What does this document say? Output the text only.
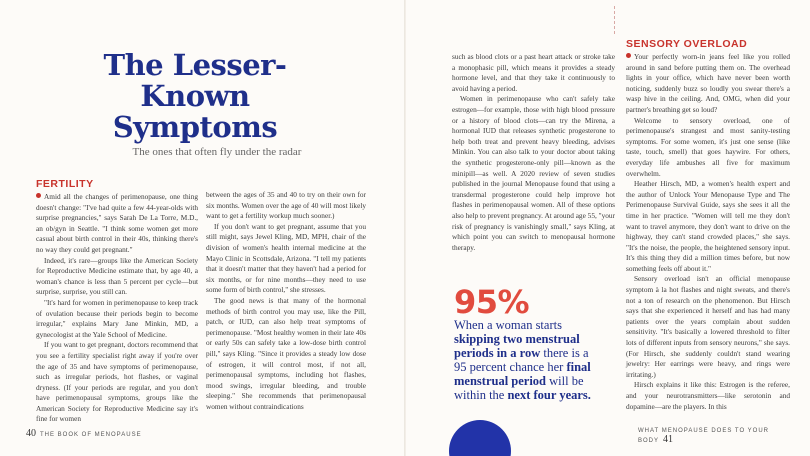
The Lesser-
Known Symptoms
The ones that often fly under the radar
FERTILITY

Amid all the changes of perimenopause, one thing doesn't change: "I've had quite a few 44-year-olds with surprise pregnancies," says Sarah De La Torre, M.D., an ob/gyn in Seattle. "I think some women get more casual about birth control in their 40s, thinking there's no way they could get pregnant."

Indeed, it's rare—groups like the American Society for Reproductive Medicine estimate that, by age 40, a woman's chance is less than 5 percent per cycle—but surprise, surprise, you still can.

"It's hard for women in perimenopause to keep track of ovulation because their periods begin to become irregular," explains Mary Jane Minkin, MD, a gynecologist at the Yale School of Medicine.

If you want to get pregnant, doctors recommend that you see a fertility specialist right away if you're over the age of 35 and have symptoms of perimenopause, such as irregular periods, hot flashes, or vaginal dryness. (If your periods are regular, and you don't have perimenopausal symptoms, groups like the American Society for Reproductive Medicine say it's fine for women

between the ages of 35 and 40 to try on their own for six months. Women over the age of 40 will most likely want to get a fertility workup much sooner.)

If you don't want to get pregnant, assume that you still might, says Jewel Kling, MD, MPH, chair of the division of women's health internal medicine at the Mayo Clinic in Scottsdale, Arizona. "I tell my patients that it doesn't matter that they haven't had a period for six months, or for nine months—they need to use some form of birth control," she stresses.

The good news is that many of the hormonal methods of birth control you may use, like the Pill, patch, or IUD, can also help treat symptoms of perimenopause. "Most healthy women in their late 40s or early 50s can safely take a low-dose birth control pill," says Kling. "Since it provides a steady low dose of estrogen, it will control most, if not all, perimenopausal symptoms, including hot flashes, mood swings, irregular bleeding, and trouble sleeping." She recommends that perimenopausal women without contraindications

40 THE BOOK OF MENOPAUSE

such as blood clots or a past heart attack or stroke take a monophasic pill, which means it provides a steady hormone level, and that they take it continuously to avoid having a period.

Women in perimenopause who can't safely take estrogen—for example, those with high blood pressure or a history of blood clots—can try the Mirena, a hormonal IUD that releases synthetic progesterone to help both treat and prevent heavy bleeding, advises Minkin. You can also talk to your doctor about taking the synthetic progesterone-only pill—known as the minipill—as well. A 2020 review of seven studies published in the journal Menopause found that using a transdermal progesterone could help improve hot flashes in perimenopausal women. All of these options also help to prevent pregnancy. At around age 55, "your risk of pregnancy is vanishingly small," says Kling, at which point you can switch to menopausal hormone therapy.

95%
When a woman starts skipping two menstrual periods in a row there is a 95 percent chance her final menstrual period will be within the next four years.
SENSORY OVERLOAD

Your perfectly worn-in jeans feel like you rolled around in sand before putting them on. The overhead lights in your office, which have never been worth noticing, suddenly buzz so loudly you swear there's a wasp hive in the ceiling. And, OMG, when did your partner's breathing get so loud?

Welcome to sensory overload, one of perimenopause's strangest and most sanity-testing symptoms. For some women, it's just one sense (like taste, touch, smell) that goes haywire. For others, everyday life ambushes all five for maximum overwhelm.

Heather Hirsch, MD, a women's health expert and the author of Unlock Your Menopause Type and The Perimenopause Survival Guide, says she sees it all the time in her practice. "Women will tell me they don't want to travel anymore, they don't want to drive on the highway, they can't stand crowded places," she says. "It's the noise, the people, the heightened sensory input. It's this thing they did a million times before, but now something feels off about it."

Sensory overload isn't an official menopause symptom à la hot flashes and night sweats, and there's not a ton of research on the phenomenon. But Hirsch says that she experienced it herself and has had many patients over the years complain about sudden sensitivity. "It's basically a lowered threshold to filter lots of different inputs from sensory neurons," she says. (For Hirsch, she suddenly couldn't stand wearing jewelry: Her earrings were heavy, and rings were irritating.)

Hirsch explains it like this: Estrogen is the referee, and your neurotransmitters—like serotonin and dopamine—are the players. In this

WHAT MENOPAUSE DOES TO YOUR BODY 41
